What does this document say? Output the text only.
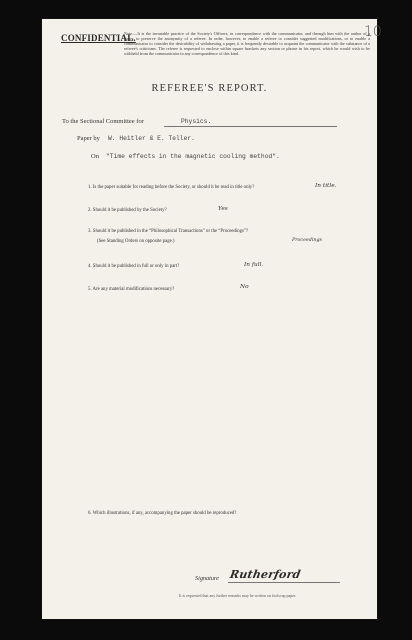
CONFIDENTIAL.
Note.—It is the invariable practice of the Society's Officers, in correspondence with the communicator, and through him with the author of a paper, to preserve the anonymity of a referee. In order, however, to enable a referee to consider suggested modifications, or to enable a communicator to consider the desirability of withdrawing a paper, it is frequently desirable to acquaint the communicator with the substance of a referee's criticisms. The referee is requested to enclose within square brackets any section or phrase in his report, which he would wish to be withheld from the communicator in any correspondence of this kind.
10
REFEREE'S REPORT.
To the Sectional Committee for	Physics.
Paper by W. Heitler & E. Teller.
On "Time effects in the magnetic cooling method".
1. Is the paper suitable for reading before the Society, or should it be read in title only?	In title.
2. Should it be published by the Society?	Yes
3. Should it be published in the “Philosophical Transactions” or the “Proceedings”?
(See Standing Orders on opposite page.)	Proceedings
4. Should it be published in full or only in part?	In full.
5. Are any material modifications necessary?	No
6. Which illustrations, if any, accompanying the paper should be reproduced?
Signature Rutherford
It is requested that any further remarks may be written on foolscap paper.
